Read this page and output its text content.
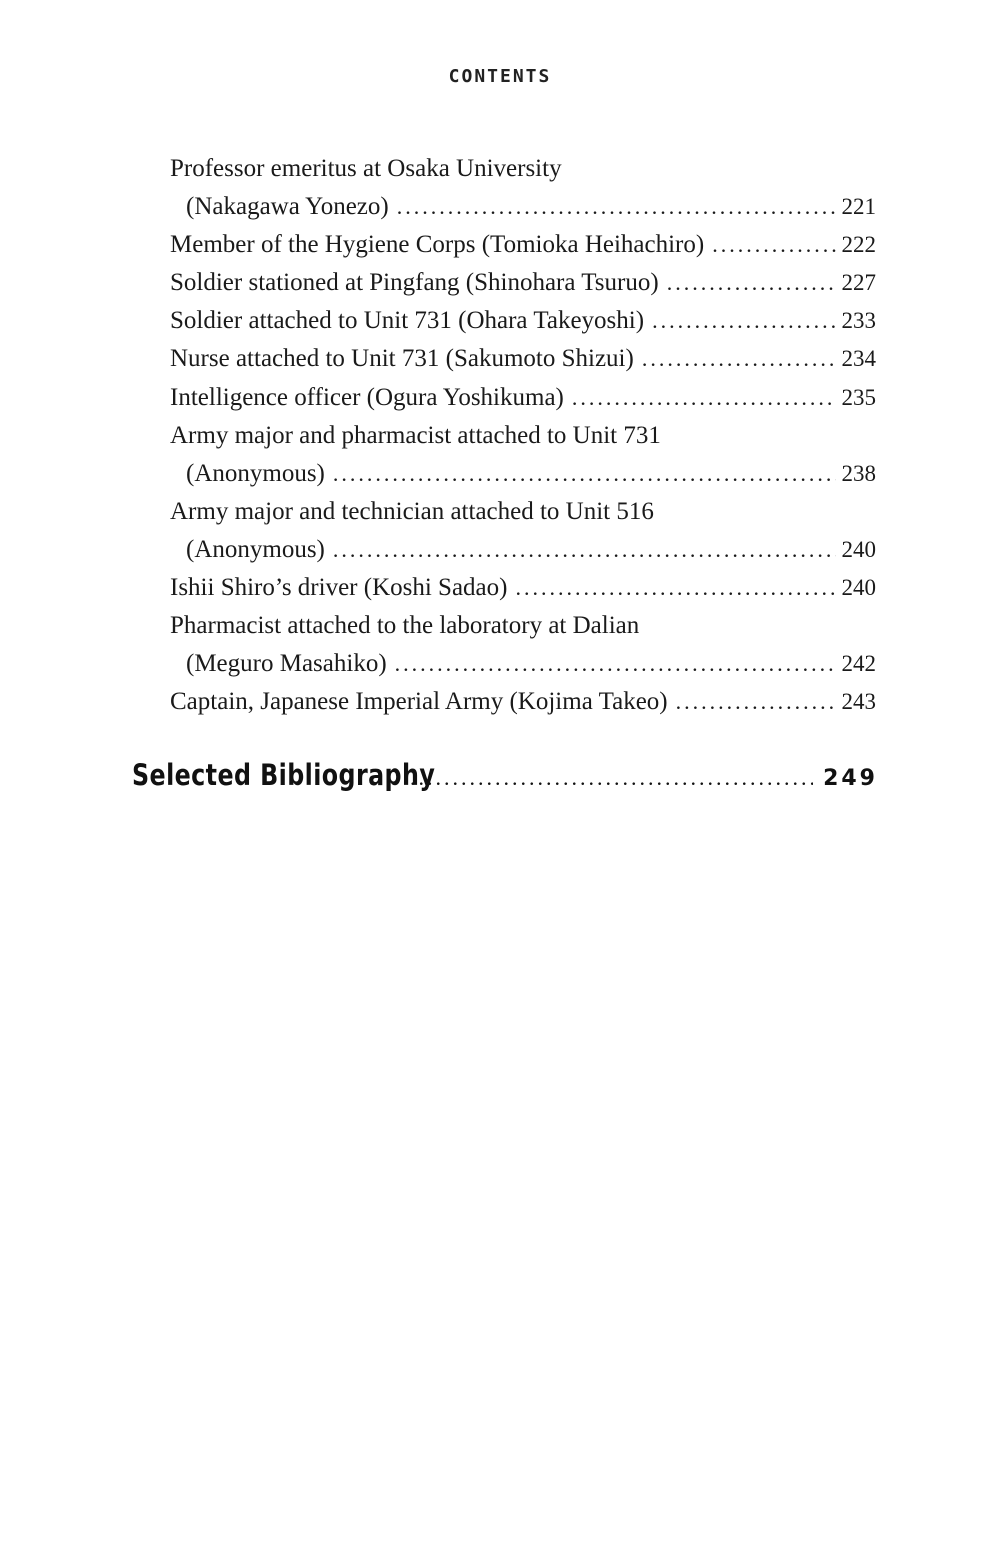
CONTENTS
Professor emeritus at Osaka University
(Nakagawa Yonezo) .....	221
Member of the Hygiene Corps (Tomioka Heihachiro) .....	222
Soldier stationed at Pingfang (Shinohara Tsuruo) .....	227
Soldier attached to Unit 731 (Ohara Takeyoshi) .....	233
Nurse attached to Unit 731 (Sakumoto Shizui) .....	234
Intelligence officer (Ogura Yoshikuma) .....	235
Army major and pharmacist attached to Unit 731
(Anonymous) .....	238
Army major and technician attached to Unit 516
(Anonymous) .....	240
Ishii Shiro’s driver (Koshi Sadao) .....	240
Pharmacist attached to the laboratory at Dalian
(Meguro Masahiko) .....	242
Captain, Japanese Imperial Army (Kojima Takeo) .....	243
Selected Bibliography .....	249
